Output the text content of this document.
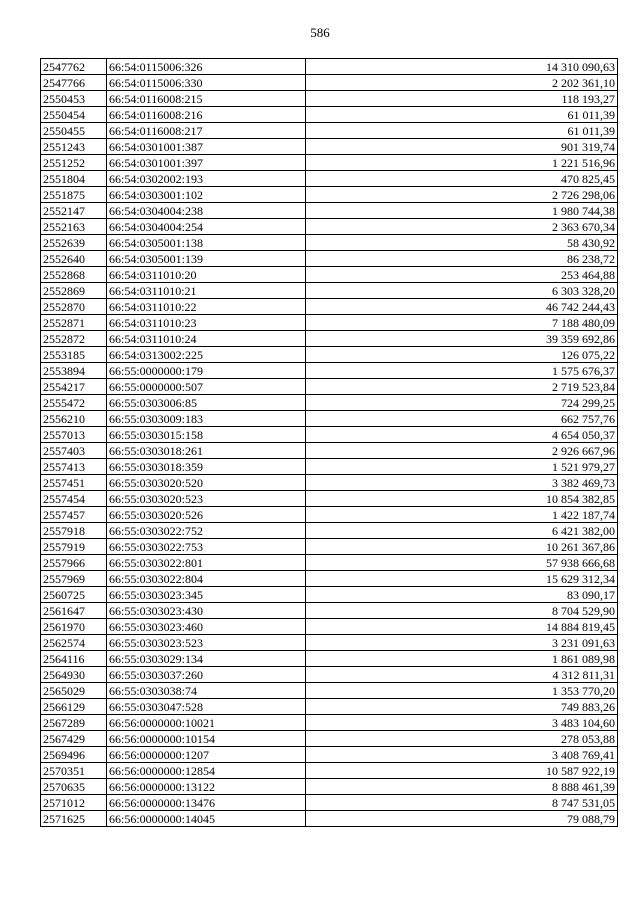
586
2547762	66:54:0115006:326	14 310 090,63
2547766	66:54:0115006:330	2 202 361,10
2550453	66:54:0116008:215	118 193,27
2550454	66:54:0116008:216	61 011,39
2550455	66:54:0116008:217	61 011,39
2551243	66:54:0301001:387	901 319,74
2551252	66:54:0301001:397	1 221 516,96
2551804	66:54:0302002:193	470 825,45
2551875	66:54:0303001:102	2 726 298,06
2552147	66:54:0304004:238	1 980 744,38
2552163	66:54:0304004:254	2 363 670,34
2552639	66:54:0305001:138	58 430,92
2552640	66:54:0305001:139	86 238,72
2552868	66:54:0311010:20	253 464,88
2552869	66:54:0311010:21	6 303 328,20
2552870	66:54:0311010:22	46 742 244,43
2552871	66:54:0311010:23	7 188 480,09
2552872	66:54:0311010:24	39 359 692,86
2553185	66:54:0313002:225	126 075,22
2553894	66:55:0000000:179	1 575 676,37
2554217	66:55:0000000:507	2 719 523,84
2555472	66:55:0303006:85	724 299,25
2556210	66:55:0303009:183	662 757,76
2557013	66:55:0303015:158	4 654 050,37
2557403	66:55:0303018:261	2 926 667,96
2557413	66:55:0303018:359	1 521 979,27
2557451	66:55:0303020:520	3 382 469,73
2557454	66:55:0303020:523	10 854 382,85
2557457	66:55:0303020:526	1 422 187,74
2557918	66:55:0303022:752	6 421 382,00
2557919	66:55:0303022:753	10 261 367,86
2557966	66:55:0303022:801	57 938 666,68
2557969	66:55:0303022:804	15 629 312,34
2560725	66:55:0303023:345	83 090,17
2561647	66:55:0303023:430	8 704 529,90
2561970	66:55:0303023:460	14 884 819,45
2562574	66:55:0303023:523	3 231 091,63
2564116	66:55:0303029:134	1 861 089,98
2564930	66:55:0303037:260	4 312 811,31
2565029	66:55:0303038:74	1 353 770,20
2566129	66:55:0303047:528	749 883,26
2567289	66:56:0000000:10021	3 483 104,60
2567429	66:56:0000000:10154	278 053,88
2569496	66:56:0000000:1207	3 408 769,41
2570351	66:56:0000000:12854	10 587 922,19
2570635	66:56:0000000:13122	8 888 461,39
2571012	66:56:0000000:13476	8 747 531,05
2571625	66:56:0000000:14045	79 088,79
